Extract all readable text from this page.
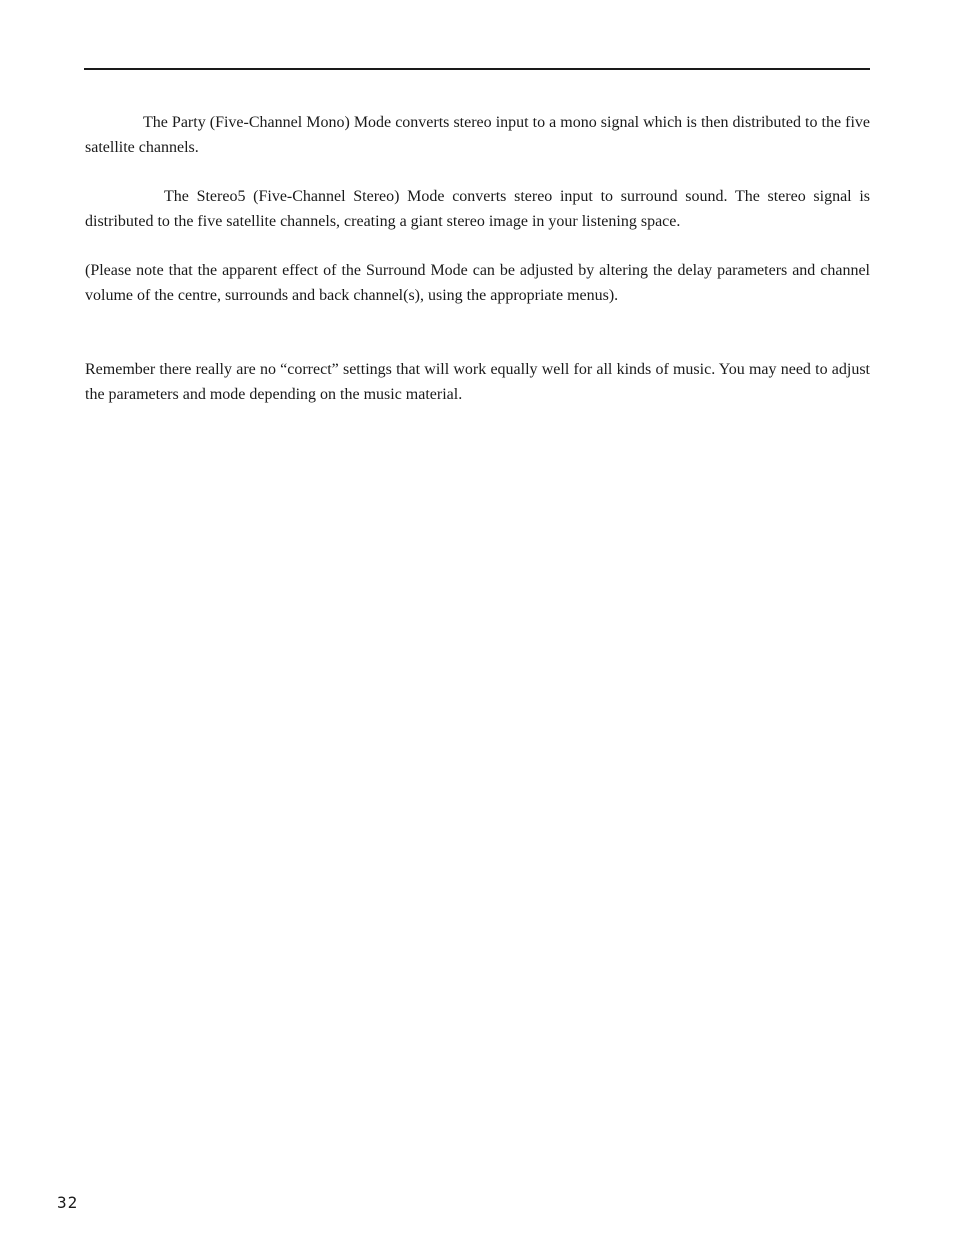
The Party (Five-Channel Mono) Mode converts stereo input to a mono signal which is then distributed to the five satellite channels.

The Stereo5 (Five-Channel Stereo) Mode converts stereo input to surround sound. The stereo signal is distributed to the five satellite channels, creating a giant stereo image in your listening space.

(Please note that the apparent effect of the Surround Mode can be adjusted by altering the delay parameters and channel volume of the centre, surrounds and back channel(s), using the appropriate menus).

Remember there really are no “correct” settings that will work equally well for all kinds of music. You may need to adjust the parameters and mode depending on the music material.

32
